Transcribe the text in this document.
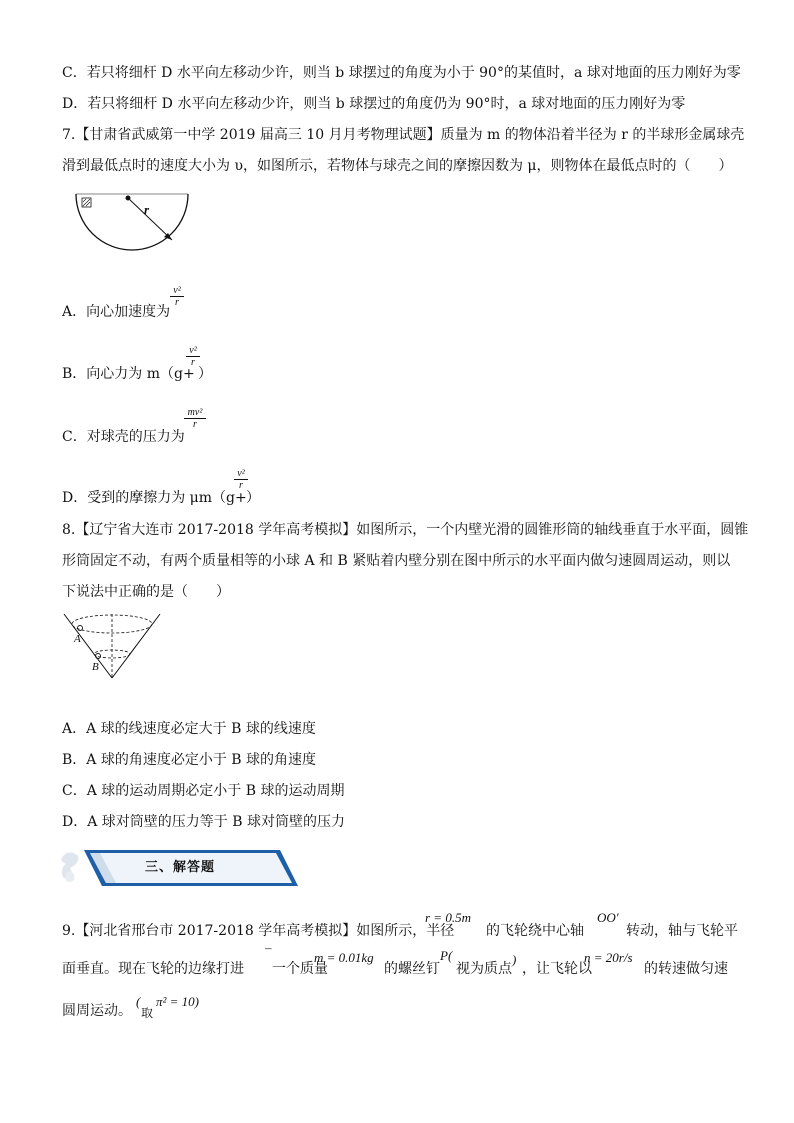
C．若只将细杆 D 水平向左移动少许，则当 b 球摆过的角度为小于 90°的某值时，a 球对地面的压力刚好为零
D．若只将细杆 D 水平向左移动少许，则当 b 球摆过的角度仍为 90°时，a 球对地面的压力刚好为零
7.【甘肃省武威第一中学 2019 届高三 10 月月考物理试题】质量为 m 的物体沿着半径为 r 的半球形金属球壳
滑到最低点时的速度大小为 υ，如图所示，若物体与球壳之间的摩擦因数为 μ，则物体在最低点时的（　　）
r
A．向心加速度为
$\frac{\text{v²}}{r}$
B．向心力为 m（g+
$\frac{\text{v²}}{r}$
）
C．对球壳的压力为
$\frac{\text{mv²}}{r}$
D．受到的摩擦力为 μm（g+
$\frac{\text{v²}}{r}$
）
8.【辽宁省大连市 2017-2018 学年高考模拟】如图所示，一个内壁光滑的圆锥形筒的轴线垂直于水平面，圆锥
形筒固定不动，有两个质量相等的小球 A 和 B 紧贴着内壁分别在图中所示的水平面内做匀速圆周运动，则以
下说法中正确的是（　　）
A
B
A．A 球的线速度必定大于 B 球的线速度
B．A 球的角速度必定小于 B 球的角速度
C．A 球的运动周期必定小于 B 球的运动周期
D．A 球对筒壁的压力等于 B 球对筒壁的压力
三、解答题
9.【河北省邢台市 2017-2018 学年高考模拟】如图所示，半径
r = 0.5m
的飞轮绕中心轴
OO′
转动，轴与飞轮平
面垂直。现在飞轮的边缘打进
¯
一个质量
m = 0.01kg
的螺丝钉
P(
视为质点
)
，让飞轮以
n = 20r/s
的转速做匀速
圆周运动。
(
取
π² = 10)
